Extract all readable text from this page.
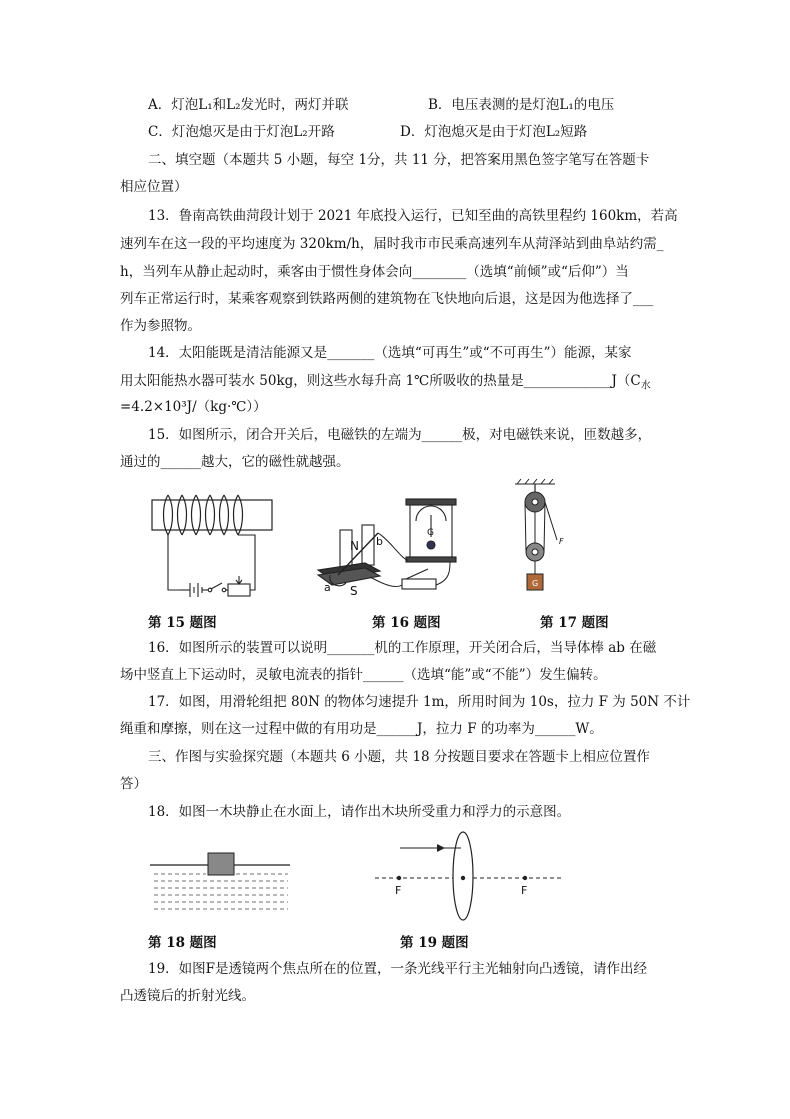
A．灯泡L₁和L₂发光时，两灯并联	B．电压表测的是灯泡L₁的电压
C．灯泡熄灭是由于灯泡L₂开路	D．灯泡熄灭是由于灯泡L₂短路
二、填空题（本题共 5 小题，每空 1分，共 11 分，把答案用黑色签字笔写在答题卡
相应位置）
13．鲁南高铁曲菏段计划于 2021 年底投入运行，已知至曲的高铁里程约 160km，若高
速列车在这一段的平均速度为 320km/h，届时我市市民乘高速列车从菏泽站到曲阜站约需_
h，当列车从静止起动时，乘客由于惯性身体会向________（选填“前倾”或“后仰”）当
列车正常运行时，某乘客观察到铁路两侧的建筑物在飞快地向后退，这是因为他选择了___
作为参照物。
14．太阳能既是清洁能源又是_______（选填“可再生”或“不可再生”）能源，某家
用太阳能热水器可装水 50kg，则这些水每升高 1℃所吸收的热量是$\_\_\_\_\_\_\_\_\_\_\_\_\_J(C_水$
=4.2×10³J/（kg·℃））
15．如图所示，闭合开关后，电磁铁的左端为______极，对电磁铁来说，匝数越多，
通过的______越大，它的磁性就越强。
第 15 题图
N
S
a
b
G
第 16 题图
F
G
第 17 题图
16．如图所示的装置可以说明_______机的工作原理，开关闭合后，当导体棒 ab 在磁
场中竖直上下运动时，灵敏电流表的指针______（选填“能”或“不能”）发生偏转。
17．如图，用滑轮组把 80N 的物体匀速提升 1m，所用时间为 10s，拉力 F 为 50N 不计
绳重和摩擦，则在这一过程中做的有用功是______J，拉力 F 的功率为______W。
三、作图与实验探究题（本题共 6 小题，共 18 分按题目要求在答题卡上相应位置作
答）
18．如图一木块静止在水面上，请作出木块所受重力和浮力的示意图。
第 18 题图
F	F
第 19 题图
19．如图F是透镜两个焦点所在的位置，一条光线平行主光轴射向凸透镜，请作出经
凸透镜后的折射光线。
